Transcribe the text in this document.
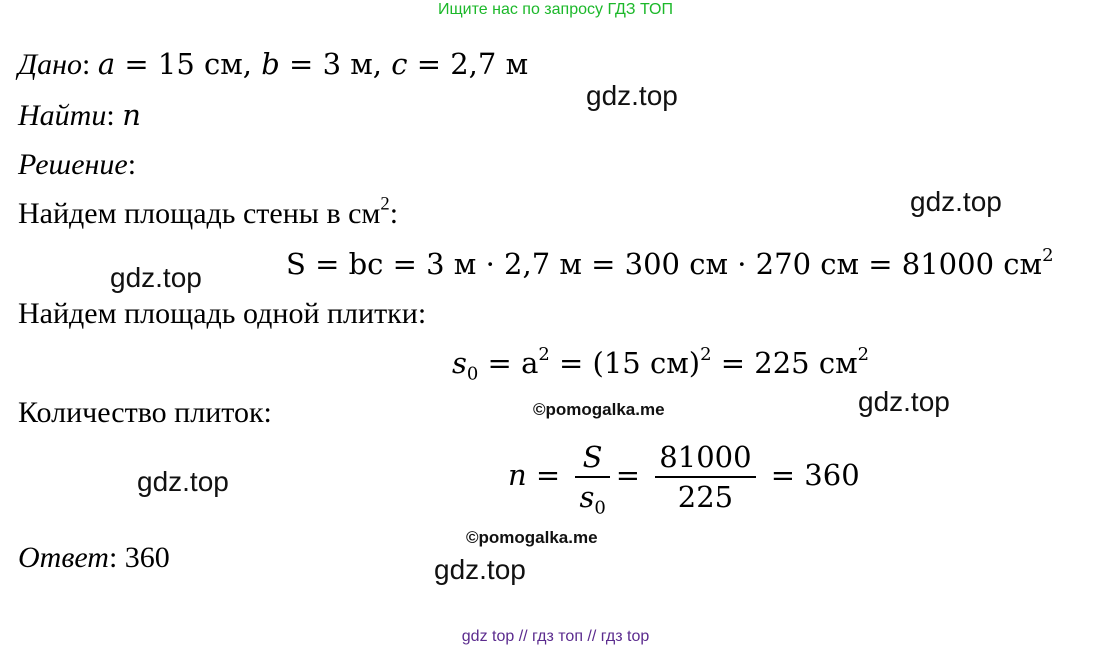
Ищите нас по запросу ГДЗ ТОП
Дано: a = 15 см, b = 3 м, c = 2,7 м
Найти: n
Решение:
Найдем площадь стены в $см^2$:
S = bc = 3 м · 2,7 м = 300 см · 270 см = 81000 $см^2$
Найдем площадь одной плитки:
$s_0 = a^2 = (15$ см)$^2$ = 225 $см^2$
Количество плиток:
$n = \frac{S}{s_0} = \frac{81000}{225} = 360$
Ответ: 360
gdz.top
gdz.top
gdz.top
gdz.top
gdz.top
gdz.top
©pomogalka.me
©pomogalka.me
gdz top // гдз топ // гдз top
